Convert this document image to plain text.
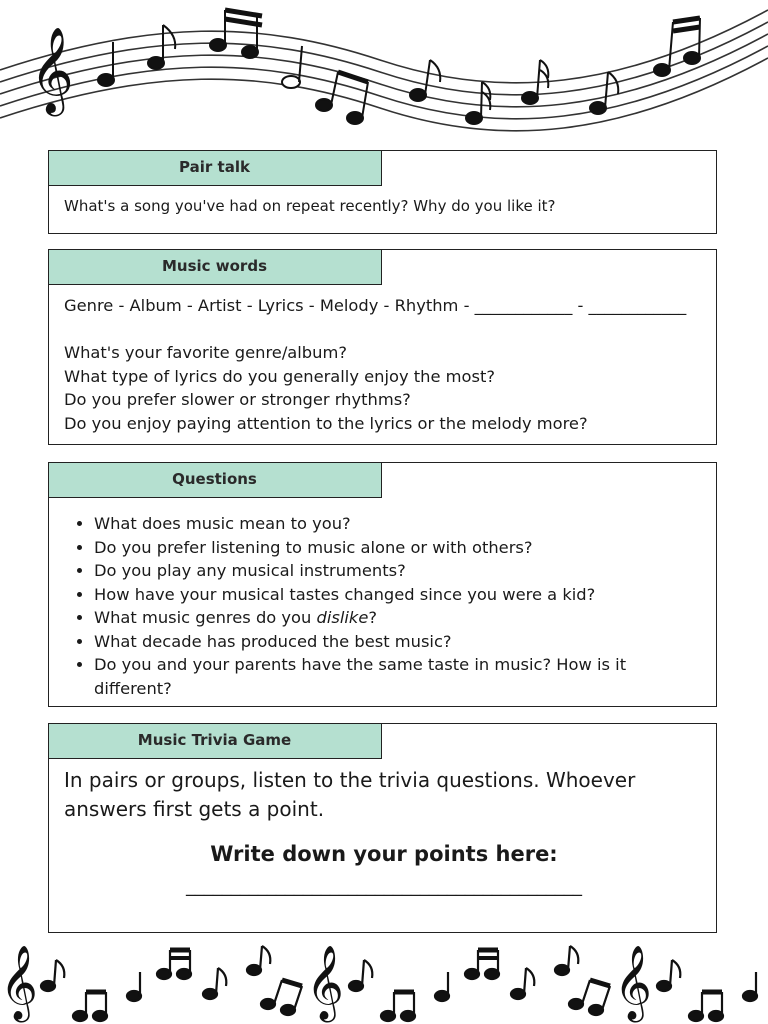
𝄞
Pair talk
What's a song you've had on repeat recently? Why do you like it?
Music words
Genre - Album - Artist - Lyrics - Melody - Rhythm - ____________ - ____________

What's your favorite genre/album?

What type of lyrics do you generally enjoy the most?

Do you prefer slower or stronger rhythms?

Do you enjoy paying attention to the lyrics or the melody more?

Questions
• What does music mean to you?
• Do you prefer listening to music alone or with others?
• Do you play any musical instruments?
• How have your musical tastes changed since you were a kid?
• What music genres do you dislike?
• What decade has produced the best music?
• Do you and your parents have the same taste in music? How is it different?
Music Trivia Game
In pairs or groups, listen to the trivia questions. Whoever answers first gets a point.
Write down your points here:
____________________________________________
𝄞	𝄞	𝄞
